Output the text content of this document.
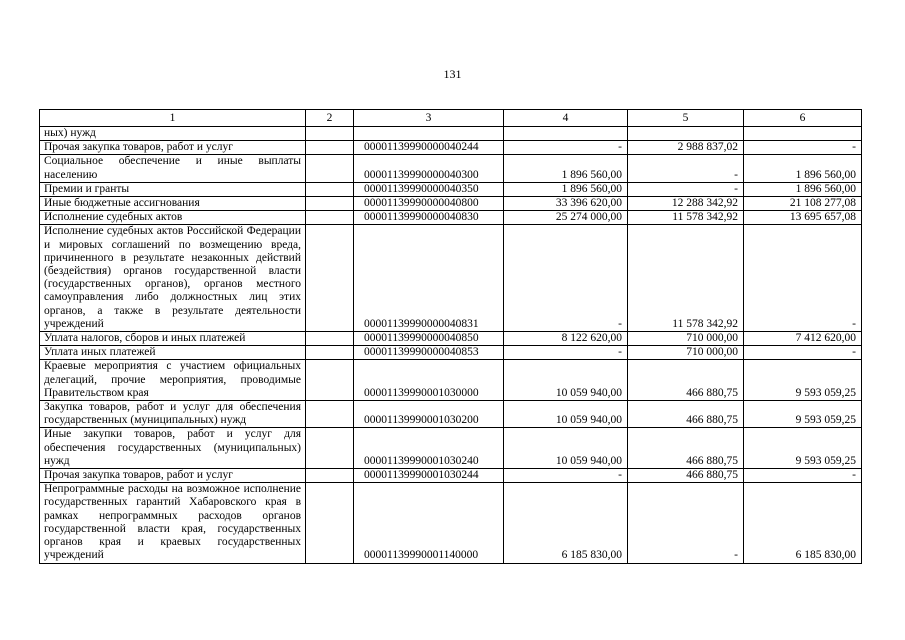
131
1	2	3	4	5	6
ных) нужд					
Прочая закупка товаров, работ и услуг		00001139990000040244	-	2 988 837,02	-
Социальное обеспечение и иные выплаты населению		00001139990000040300	1 896 560,00	-	1 896 560,00
Премии и гранты		00001139990000040350	1 896 560,00	-	1 896 560,00
Иные бюджетные ассигнования		00001139990000040800	33 396 620,00	12 288 342,92	21 108 277,08
Исполнение судебных актов		00001139990000040830	25 274 000,00	11 578 342,92	13 695 657,08
Исполнение судебных актов Российской Федерации и мировых соглашений по возмещению вреда, причиненного в результате незаконных действий (бездействия) органов государственной власти (государственных органов), органов местного самоуправления либо должностных лиц этих органов, а также в результате деятельности учреждений		00001139990000040831	-	11 578 342,92	-
Уплата налогов, сборов и иных платежей		00001139990000040850	8 122 620,00	710 000,00	7 412 620,00
Уплата иных платежей		00001139990000040853	-	710 000,00	-
Краевые мероприятия с участием официальных делегаций, прочие мероприятия, проводимые Правительством края		00001139990001030000	10 059 940,00	466 880,75	9 593 059,25
Закупка товаров, работ и услуг для обеспечения государственных (муниципальных) нужд		00001139990001030200	10 059 940,00	466 880,75	9 593 059,25
Иные закупки товаров, работ и услуг для обеспечения государственных (муниципальных) нужд		00001139990001030240	10 059 940,00	466 880,75	9 593 059,25
Прочая закупка товаров, работ и услуг		00001139990001030244	-	466 880,75	-
Непрограммные расходы на возможное исполнение государственных гарантий Хабаровского края в рамках непрограммных расходов органов государственной власти края, государственных органов края и краевых государственных учреждений		00001139990001140000	6 185 830,00	-	6 185 830,00
